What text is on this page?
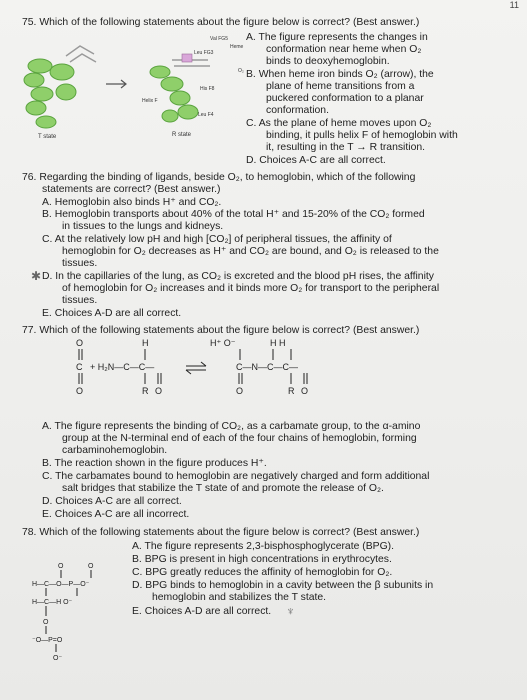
11
75. Which of the following statements about the figure below is correct? (Best answer.)
T state
Val FG5
Leu FG3
Heme
O₂
His F8
Helix F
Leu F4
R state
A. The figure represents the changes in
conformation near heme when O₂
binds to deoxyhemoglobin.
B. When heme iron binds O₂ (arrow), the
plane of heme transitions from a
puckered conformation to a planar
conformation.
C. As the plane of heme moves upon O₂
binding, it pulls helix F of hemoglobin with
it, resulting in the T → R transition.
D. Choices A-C are all correct.
76. Regarding the binding of ligands, beside O₂, to hemoglobin, which of the following
statements are correct? (Best answer.)
A. Hemoglobin also binds H⁺ and CO₂.
B. Hemoglobin transports about 40% of the total H⁺ and 15-20% of the CO₂ formed
in tissues to the lungs and kidneys.
C. At the relatively low pH and high [CO₂] of peripheral tissues, the affinity of
hemoglobin for O₂ decreases as H⁺ and CO₂ are bound, and O₂ is released to the
tissues.
✱ D. In the capillaries of the lung, as CO₂ is excreted and the blood pH rises, the affinity
of hemoglobin for O₂ increases and it binds more O₂ for transport to the peripheral
tissues.
E. Choices A-D are all correct.
77. Which of the following statements about the figure below is correct? (Best answer.)
O
C
O
+ H₂N—C—C—
H
R O
H⁺ O⁻	H H
C—N—C—C—
O	R O
A. The figure represents the binding of CO₂, as a carbamate group, to the α-amino
group at the N-terminal end of each of the four chains of hemoglobin, forming
carbaminohemoglobin.
B. The reaction shown in the figure produces H⁺.
C. The carbamates bound to hemoglobin are negatively charged and form additional
salt bridges that stabilize the T state of and promote the release of O₂.
D. Choices A-C are all correct.
E. Choices A-C are all incorrect.
78. Which of the following statements about the figure below is correct? (Best answer.)
O	O
H—C—O—P—O⁻
H—C—H O⁻
O
⁻O—P=O
O⁻
A. The figure represents 2,3-bisphosphoglycerate (BPG).
B. BPG is present in high concentrations in erythrocytes.
C. BPG greatly reduces the affinity of hemoglobin for O₂.
D. BPG binds to hemoglobin in a cavity between the β subunits in
hemoglobin and stabilizes the T state.
E. Choices A-D are all correct. ♆
